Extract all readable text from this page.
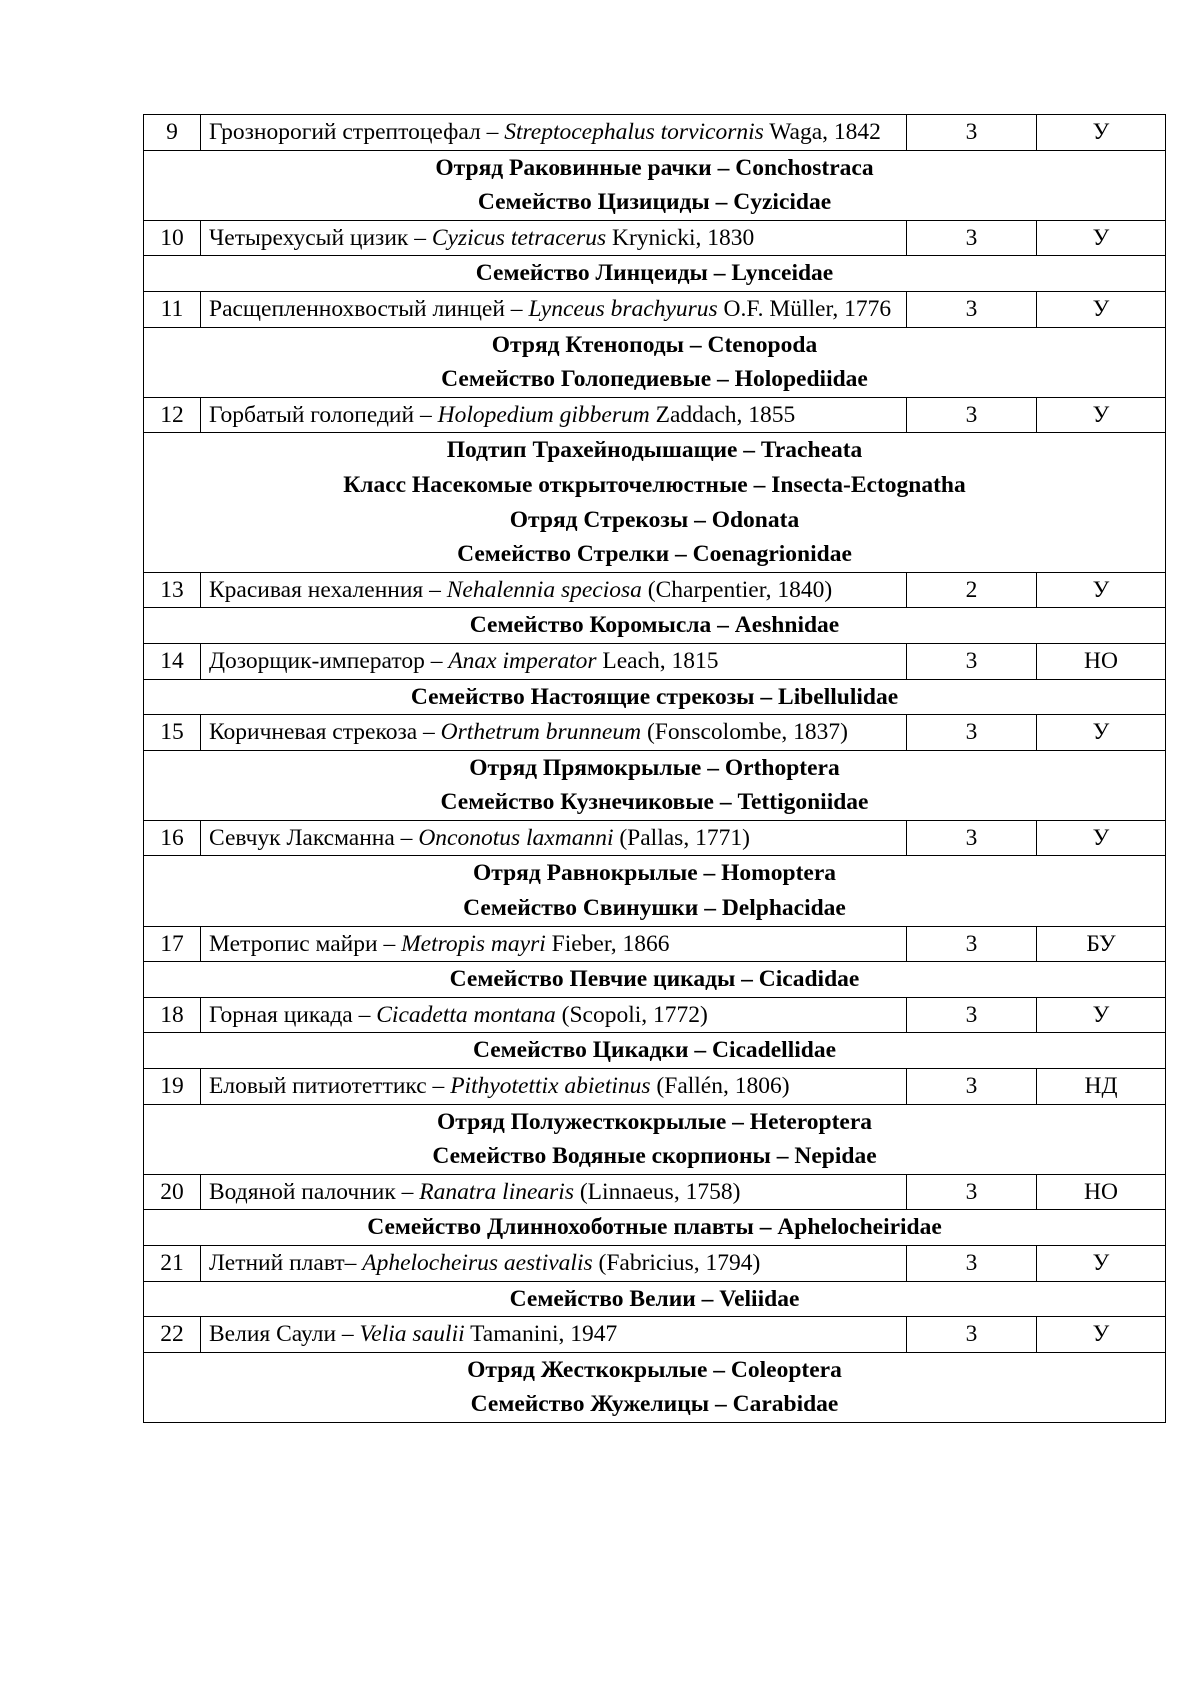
9	Грознорогий стрептоцефал – Streptocephalus torvicornis Waga, 1842	3	У

Отряд Раковинные рачки – Conchostraca
Семейство Цизициды – Cyzicidae			

10	Четырехусый цизик – Cyzicus tetracerus Krynicki, 1830	3	У

Семейство Линцеиды – Lynceidae			

11	Расщепленнохвостый линцей – Lynceus brachyurus O.F. Müller, 1776	3	У

Отряд Ктеноподы – Ctenopoda
Семейство Голопедиевые – Holopediidae			

12	Горбатый голопедий – Holopedium gibberum Zaddach, 1855	3	У

Подтип Трахейнодышащие – Tracheata
Класс Насекомые открыточелюстные – Insecta-Ectognatha
Отряд Стрекозы – Odonata
Семейство Стрелки – Coenagrionidae			

13	Красивая нехаленния – Nehalennia speciosa (Charpentier, 1840)	2	У

Семейство Коромысла – Aeshnidae			

14	Дозорщик-император – Anax imperator Leach, 1815	3	НО

Семейство Настоящие стрекозы – Libellulidae			

15	Коричневая стрекоза – Orthetrum brunneum (Fonscolombe, 1837)	3	У

Отряд Прямокрылые – Orthoptera
Семейство Кузнечиковые – Tettigoniidae			

16	Севчук Лаксманна – Onconotus laxmanni (Pallas, 1771)	3	У

Отряд Равнокрылые – Homoptera
Семейство Свинушки – Delphacidae			

17	Метропис майри – Metropis mayri Fieber, 1866	3	БУ

Семейство Певчие цикады – Cicadidae			

18	Горная цикада – Cicadetta montana (Scopoli, 1772)	3	У

Семейство Цикадки – Cicadellidae			

19	Еловый питиотеттикс – Pithyotettix abietinus (Fallén, 1806)	3	НД

Отряд Полужесткокрылые – Heteroptera
Семейство Водяные скорпионы – Nepidae			

20	Водяной палочник – Ranatra linearis (Linnaeus, 1758)	3	НО

Семейство Длиннохоботные плавты – Aphelocheiridae			

21	Летний плавт– Aphelocheirus aestivalis (Fabricius, 1794)	3	У

Семейство Велии – Veliidae			

22	Велия Саули – Velia saulii Tamanini, 1947	3	У

Отряд Жесткокрылые – Coleoptera
Семейство Жужелицы – Carabidae			
